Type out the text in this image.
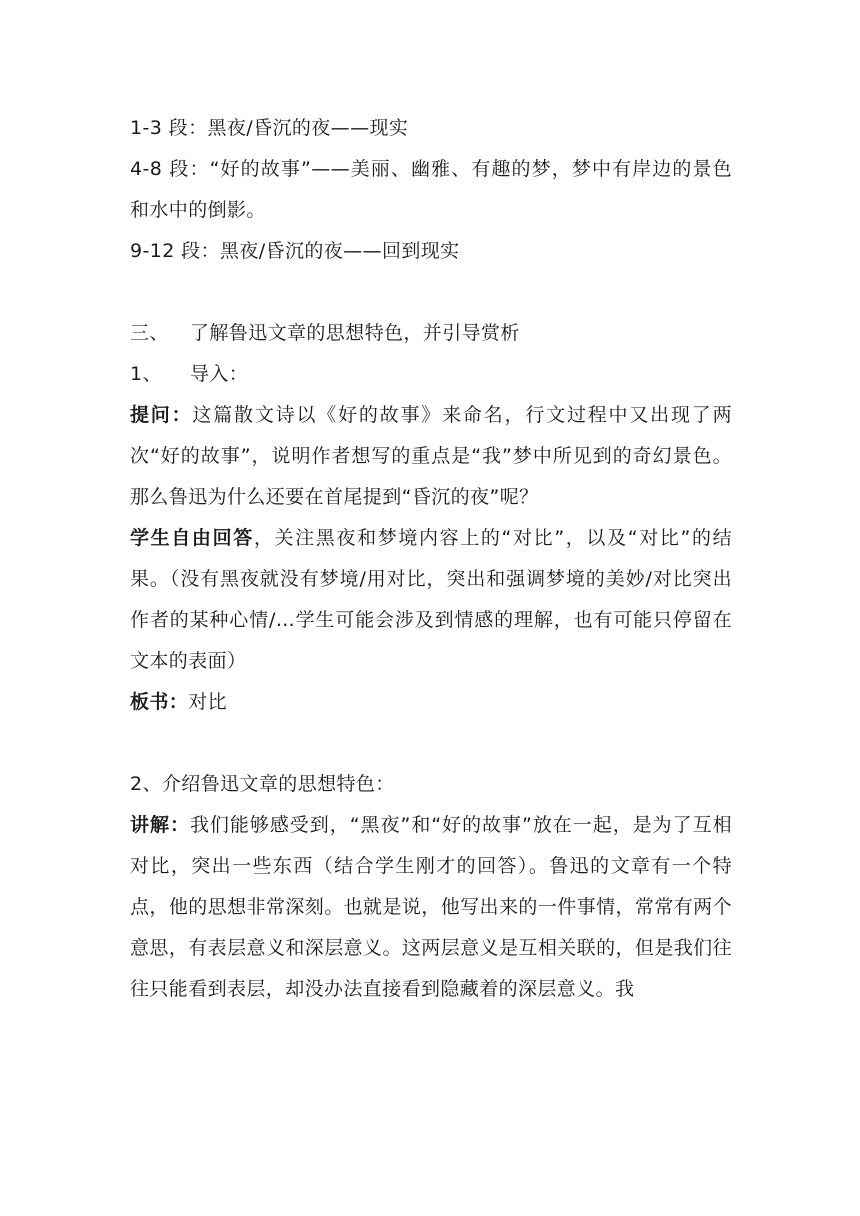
1-3 段：黑夜/昏沉的夜——现实

4-8 段：“好的故事”——美丽、幽雅、有趣的梦，梦中有岸边的景色和水中的倒影。

9-12 段：黑夜/昏沉的夜——回到现实

三、 了解鲁迅文章的思想特色，并引导赏析

1、 导入：

提问：这篇散文诗以《好的故事》来命名，行文过程中又出现了两次“好的故事”，说明作者想写的重点是“我”梦中所见到的奇幻景色。那么鲁迅为什么还要在首尾提到“昏沉的夜”呢？

学生自由回答，关注黑夜和梦境内容上的“对比”，以及“对比”的结果。（没有黑夜就没有梦境/用对比，突出和强调梦境的美妙/对比突出作者的某种心情/…学生可能会涉及到情感的理解，也有可能只停留在文本的表面）

板书：对比

2、介绍鲁迅文章的思想特色：

讲解：我们能够感受到，“黑夜”和“好的故事”放在一起，是为了互相对比，突出一些东西（结合学生刚才的回答）。鲁迅的文章有一个特点，他的思想非常深刻。也就是说，他写出来的一件事情，常常有两个意思，有表层意义和深层意义。这两层意义是互相关联的，但是我们往往只能看到表层，却没办法直接看到隐藏着的深层意义。我
